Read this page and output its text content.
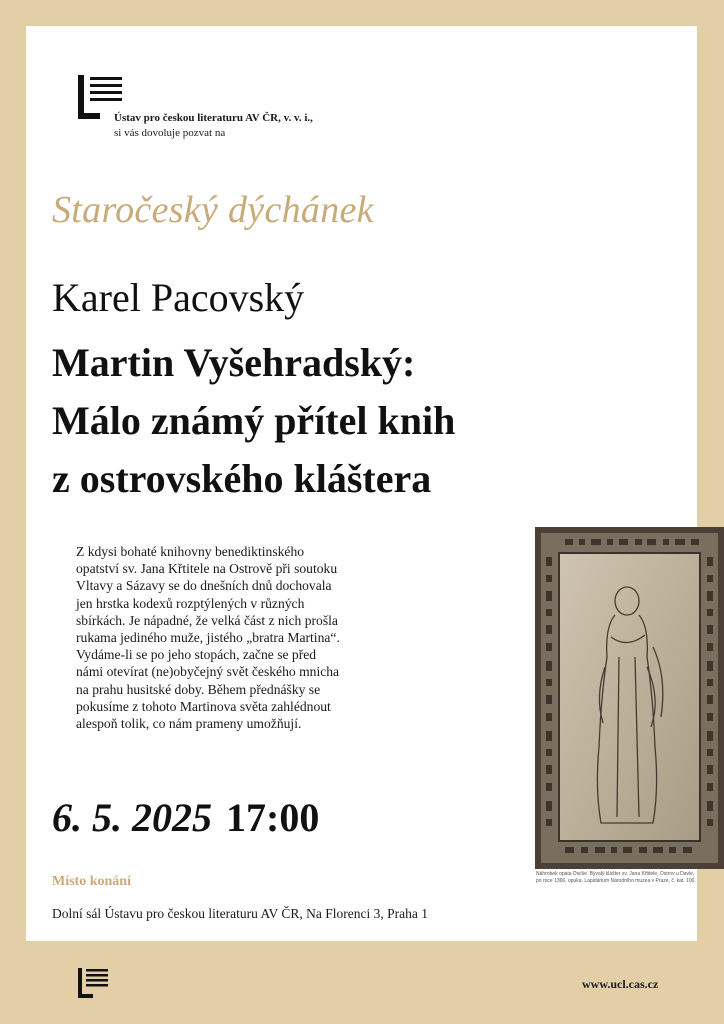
Ústav pro českou literaturu AV ČR, v. v. i.,
si vás dovoluje pozvat na
Staročeský dýchánek
Karel Pacovský
Martin Vyšehradský:
Málo známý přítel knih
z ostrovského kláštera
Z kdysi bohaté knihovny benediktinského
opatství sv. Jana Křtitele na Ostrově při soutoku
Vltavy a Sázavy se do dnešních dnů dochovala
jen hrstka kodexů rozptýlených v různých
sbírkách. Je nápadné, že velká část z nich prošla
rukama jediného muže, jistého „bratra Martina“.
Vydáme-li se po jeho stopách, začne se před
námi otevírat (ne)obyčejný svět českého mnicha
na prahu husitské doby. Během přednášky se
pokusíme z tohoto Martinova světa zahlédnout
alespoň tolik, co nám prameny umožňují.
6. 5. 2025 17:00
Místo konání
Dolní sál Ústavu pro českou literaturu AV ČR, Na Florenci 3, Praha 1
Náhrobek opata Divíše. Bývalý klášter sv. Jana Křtitele, Ostrov u Davle, po roce 1366, opuka. Lapidárium Národního muzea v Praze, č. kat. 100.
www.ucl.cas.cz
